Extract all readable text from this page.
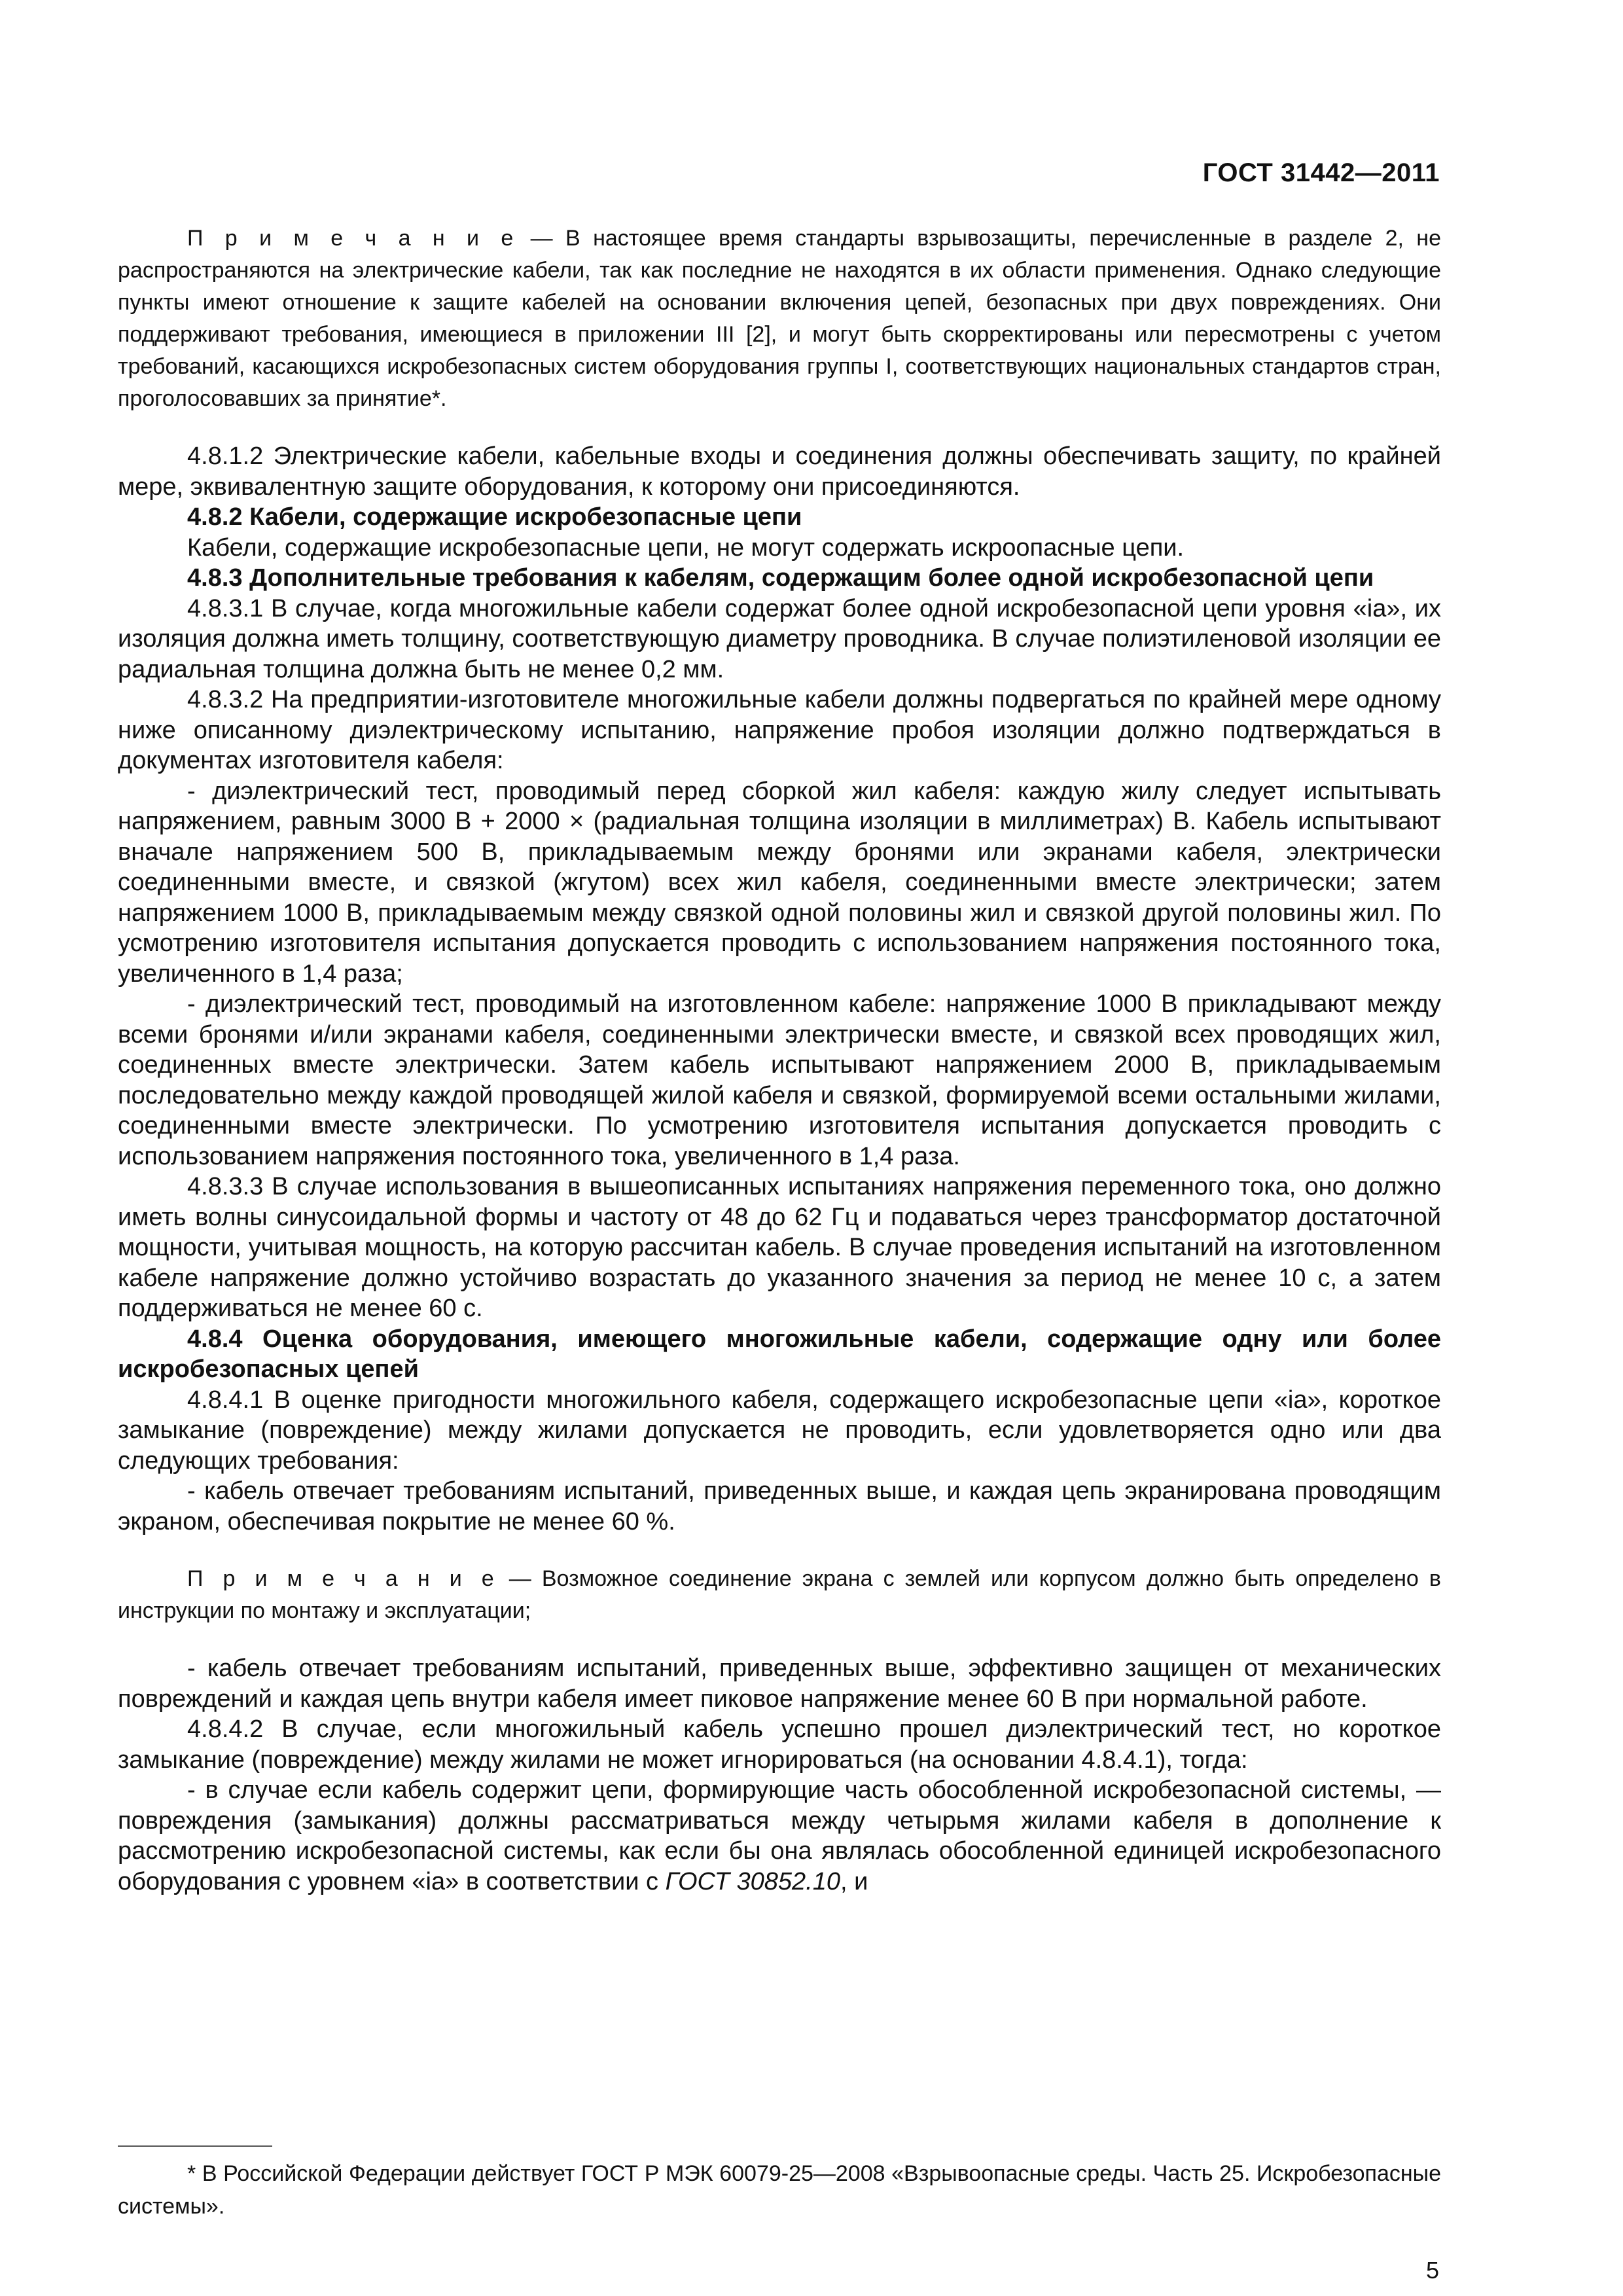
ГОСТ 31442—2011

П р и м е ч а н и е — В настоящее время стандарты взрывозащиты, перечисленные в разделе 2, не распространяются на электрические кабели, так как последние не находятся в их области применения. Однако следующие пункты имеют отношение к защите кабелей на основании включения цепей, безопасных при двух повреждениях. Они поддерживают требования, имеющиеся в приложении III [2], и могут быть скорректированы или пересмотрены с учетом требований, касающихся искробезопасных систем оборудования группы I, соответствующих национальных стандартов стран, проголосовавших за принятие*.

4.8.1.2 Электрические кабели, кабельные входы и соединения должны обеспечивать защиту, по крайней мере, эквивалентную защите оборудования, к которому они присоединяются.

4.8.2 Кабели, содержащие искробезопасные цепи

Кабели, содержащие искробезопасные цепи, не могут содержать искроопасные цепи.

4.8.3 Дополнительные требования к кабелям, содержащим более одной искробезопасной цепи

4.8.3.1 В случае, когда многожильные кабели содержат более одной искробезопасной цепи уровня «ia», их изоляция должна иметь толщину, соответствующую диаметру проводника. В случае полиэтиленовой изоляции ее радиальная толщина должна быть не менее 0,2 мм.

4.8.3.2 На предприятии-изготовителе многожильные кабели должны подвергаться по крайней мере одному ниже описанному диэлектрическому испытанию, напряжение пробоя изоляции должно подтверждаться в документах изготовителя кабеля:

- диэлектрический тест, проводимый перед сборкой жил кабеля: каждую жилу следует испытывать напряжением, равным 3000 В + 2000 × (радиальная толщина изоляции в миллиметрах) В. Кабель испытывают вначале напряжением 500 В, прикладываемым между бронями или экранами кабеля, электрически соединенными вместе, и связкой (жгутом) всех жил кабеля, соединенными вместе электрически; затем напряжением 1000 В, прикладываемым между связкой одной половины жил и связкой другой половины жил. По усмотрению изготовителя испытания допускается проводить с использованием напряжения постоянного тока, увеличенного в 1,4 раза;

- диэлектрический тест, проводимый на изготовленном кабеле: напряжение 1000 В прикладывают между всеми бронями и/или экранами кабеля, соединенными электрически вместе, и связкой всех проводящих жил, соединенных вместе электрически. Затем кабель испытывают напряжением 2000 В, прикладываемым последовательно между каждой проводящей жилой кабеля и связкой, формируемой всеми остальными жилами, соединенными вместе электрически. По усмотрению изготовителя испытания допускается проводить с использованием напряжения постоянного тока, увеличенного в 1,4 раза.

4.8.3.3 В случае использования в вышеописанных испытаниях напряжения переменного тока, оно должно иметь волны синусоидальной формы и частоту от 48 до 62 Гц и подаваться через трансформатор достаточной мощности, учитывая мощность, на которую рассчитан кабель. В случае проведения испытаний на изготовленном кабеле напряжение должно устойчиво возрастать до указанного значения за период не менее 10 с, а затем поддерживаться не менее 60 с.

4.8.4 Оценка оборудования, имеющего многожильные кабели, содержащие одну или более искробезопасных цепей

4.8.4.1 В оценке пригодности многожильного кабеля, содержащего искробезопасные цепи «ia», короткое замыкание (повреждение) между жилами допускается не проводить, если удовлетворяется одно или два следующих требования:

- кабель отвечает требованиям испытаний, приведенных выше, и каждая цепь экранирована проводящим экраном, обеспечивая покрытие не менее 60 %.

П р и м е ч а н и е — Возможное соединение экрана с землей или корпусом должно быть определено в инструкции по монтажу и эксплуатации;

- кабель отвечает требованиям испытаний, приведенных выше, эффективно защищен от механических повреждений и каждая цепь внутри кабеля имеет пиковое напряжение менее 60 В при нормальной работе.

4.8.4.2 В случае, если многожильный кабель успешно прошел диэлектрический тест, но короткое замыкание (повреждение) между жилами не может игнорироваться (на основании 4.8.4.1), тогда:

- в случае если кабель содержит цепи, формирующие часть обособленной искробезопасной системы, — повреждения (замыкания) должны рассматриваться между четырьмя жилами кабеля в дополнение к рассмотрению искробезопасной системы, как если бы она являлась обособленной единицей искробезопасного оборудования с уровнем «ia» в соответствии с ГОСТ 30852.10, и

* В Российской Федерации действует ГОСТ Р МЭК 60079-25—2008 «Взрывоопасные среды. Часть 25. Искробезопасные системы».

5
